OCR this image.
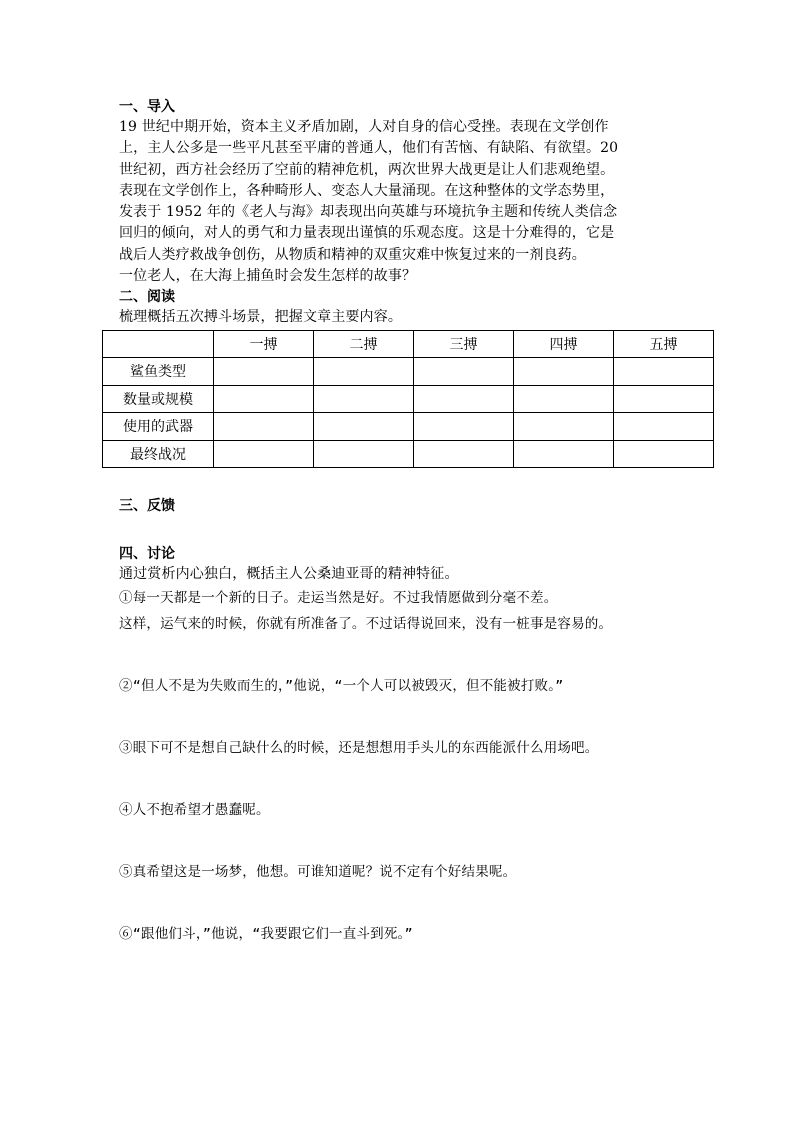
一、导入
19 世纪中期开始，资本主义矛盾加剧，人对自身的信心受挫。表现在文学创作
上，主人公多是一些平凡甚至平庸的普通人，他们有苦恼、有缺陷、有欲望。20
世纪初，西方社会经历了空前的精神危机，两次世界大战更是让人们悲观绝望。
表现在文学创作上，各种畸形人、变态人大量涌现。在这种整体的文学态势里，
发表于 1952 年的《老人与海》却表现出向英雄与环境抗争主题和传统人类信念
回归的倾向，对人的勇气和力量表现出谨慎的乐观态度。这是十分难得的，它是
战后人类疗救战争创伤，从物质和精神的双重灾难中恢复过来的一剂良药。
一位老人，在大海上捕鱼时会发生怎样的故事？
二、阅读
梳理概括五次搏斗场景，把握文章主要内容。
	一搏	二搏	三搏	四搏	五搏
鲨鱼类型					
数量或规模					
使用的武器					
最终战况					
三、反馈
四、讨论
通过赏析内心独白，概括主人公桑迪亚哥的精神特征。
①每一天都是一个新的日子。走运当然是好。不过我情愿做到分毫不差。
这样，运气来的时候，你就有所准备了。不过话得说回来，没有一桩事是容易的。
②“但人不是为失败而生的，”他说，“一个人可以被毁灭，但不能被打败。”
③眼下可不是想自己缺什么的时候，还是想想用手头儿的东西能派什么用场吧。
④人不抱希望才愚蠢呢。
⑤真希望这是一场梦，他想。可谁知道呢？说不定有个好结果呢。
⑥“跟他们斗，”他说，“我要跟它们一直斗到死。”
